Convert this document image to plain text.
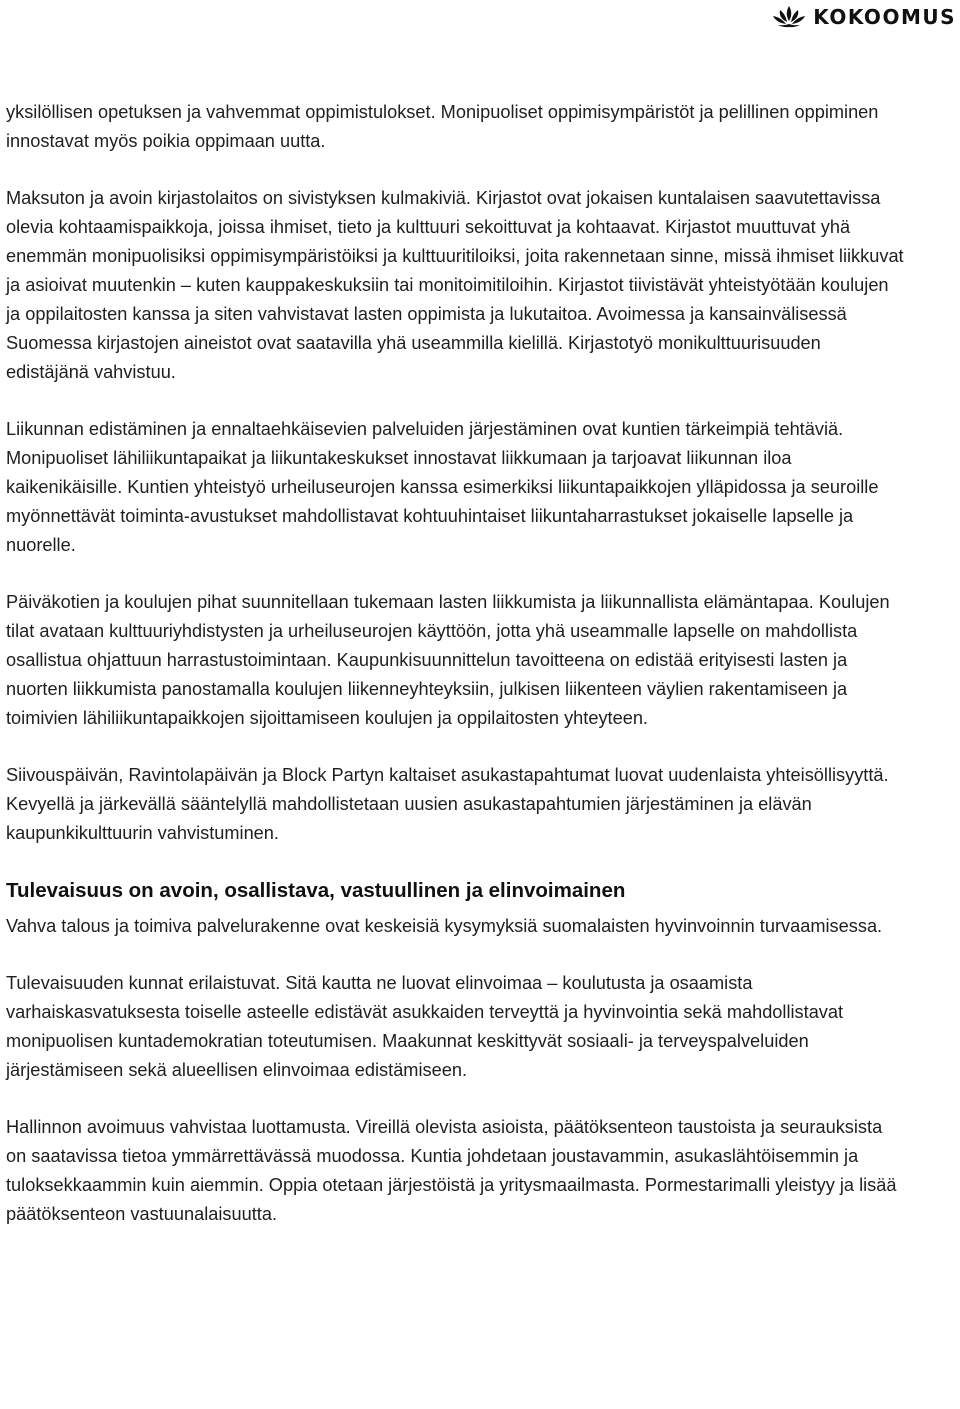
KOKOOMUS

yksilöllisen opetuksen ja vahvemmat oppimistulokset. Monipuoliset oppimisympäristöt ja pelillinen oppiminen innostavat myös poikia oppimaan uutta.

Maksuton ja avoin kirjastolaitos on sivistyksen kulmakiviä. Kirjastot ovat jokaisen kuntalaisen saavutettavissa olevia kohtaamispaikkoja, joissa ihmiset, tieto ja kulttuuri sekoittuvat ja kohtaavat. Kirjastot muuttuvat yhä enemmän monipuolisiksi oppimisympäristöiksi ja kulttuuritiloiksi, joita rakennetaan sinne, missä ihmiset liikkuvat ja asioivat muutenkin – kuten kauppakeskuksiin tai monitoimitiloihin. Kirjastot tiivistävät yhteistyötään koulujen ja oppilaitosten kanssa ja siten vahvistavat lasten oppimista ja lukutaitoa. Avoimessa ja kansainvälisessä Suomessa kirjastojen aineistot ovat saatavilla yhä useammilla kielillä. Kirjastotyö monikulttuurisuuden edistäjänä vahvistuu.

Liikunnan edistäminen ja ennaltaehkäisevien palveluiden järjestäminen ovat kuntien tärkeimpiä tehtäviä. Monipuoliset lähiliikuntapaikat ja liikuntakeskukset innostavat liikkumaan ja tarjoavat liikunnan iloa kaikenikäisille. Kuntien yhteistyö urheiluseurojen kanssa esimerkiksi liikuntapaikkojen ylläpidossa ja seuroille myönnettävät toiminta-avustukset mahdollistavat kohtuuhintaiset liikuntaharrastukset jokaiselle lapselle ja nuorelle.

Päiväkotien ja koulujen pihat suunnitellaan tukemaan lasten liikkumista ja liikunnallista elämäntapaa. Koulujen tilat avataan kulttuuriyhdistysten ja urheiluseurojen käyttöön, jotta yhä useammalle lapselle on mahdollista osallistua ohjattuun harrastustoimintaan. Kaupunkisuunnittelun tavoitteena on edistää erityisesti lasten ja nuorten liikkumista panostamalla koulujen liikenneyhteyksiin, julkisen liikenteen väylien rakentamiseen ja toimivien lähiliikuntapaikkojen sijoittamiseen koulujen ja oppilaitosten yhteyteen.

Siivouspäivän, Ravintolapäivän ja Block Partyn kaltaiset asukastapahtumat luovat uudenlaista yhteisöllisyyttä. Kevyellä ja järkevällä sääntelyllä mahdollistetaan uusien asukastapahtumien järjestäminen ja elävän kaupunkikulttuurin vahvistuminen.

Tulevaisuus on avoin, osallistava, vastuullinen ja elinvoimainen

Vahva talous ja toimiva palvelurakenne ovat keskeisiä kysymyksiä suomalaisten hyvinvoinnin turvaamisessa.

Tulevaisuuden kunnat erilaistuvat. Sitä kautta ne luovat elinvoimaa – koulutusta ja osaamista varhaiskasvatuksesta toiselle asteelle edistävät asukkaiden terveyttä ja hyvinvointia sekä mahdollistavat monipuolisen kuntademokratian toteutumisen. Maakunnat keskittyvät sosiaali- ja terveyspalveluiden järjestämiseen sekä alueellisen elinvoimaa edistämiseen.

Hallinnon avoimuus vahvistaa luottamusta. Vireillä olevista asioista, päätöksenteon taustoista ja seurauksista on saatavissa tietoa ymmärrettävässä muodossa. Kuntia johdetaan joustavammin, asukaslähtöisemmin ja tuloksekkaammin kuin aiemmin. Oppia otetaan järjestöistä ja yritysmaailmasta. Pormestarimalli yleistyy ja lisää päätöksenteon vastuunalaisuutta.
